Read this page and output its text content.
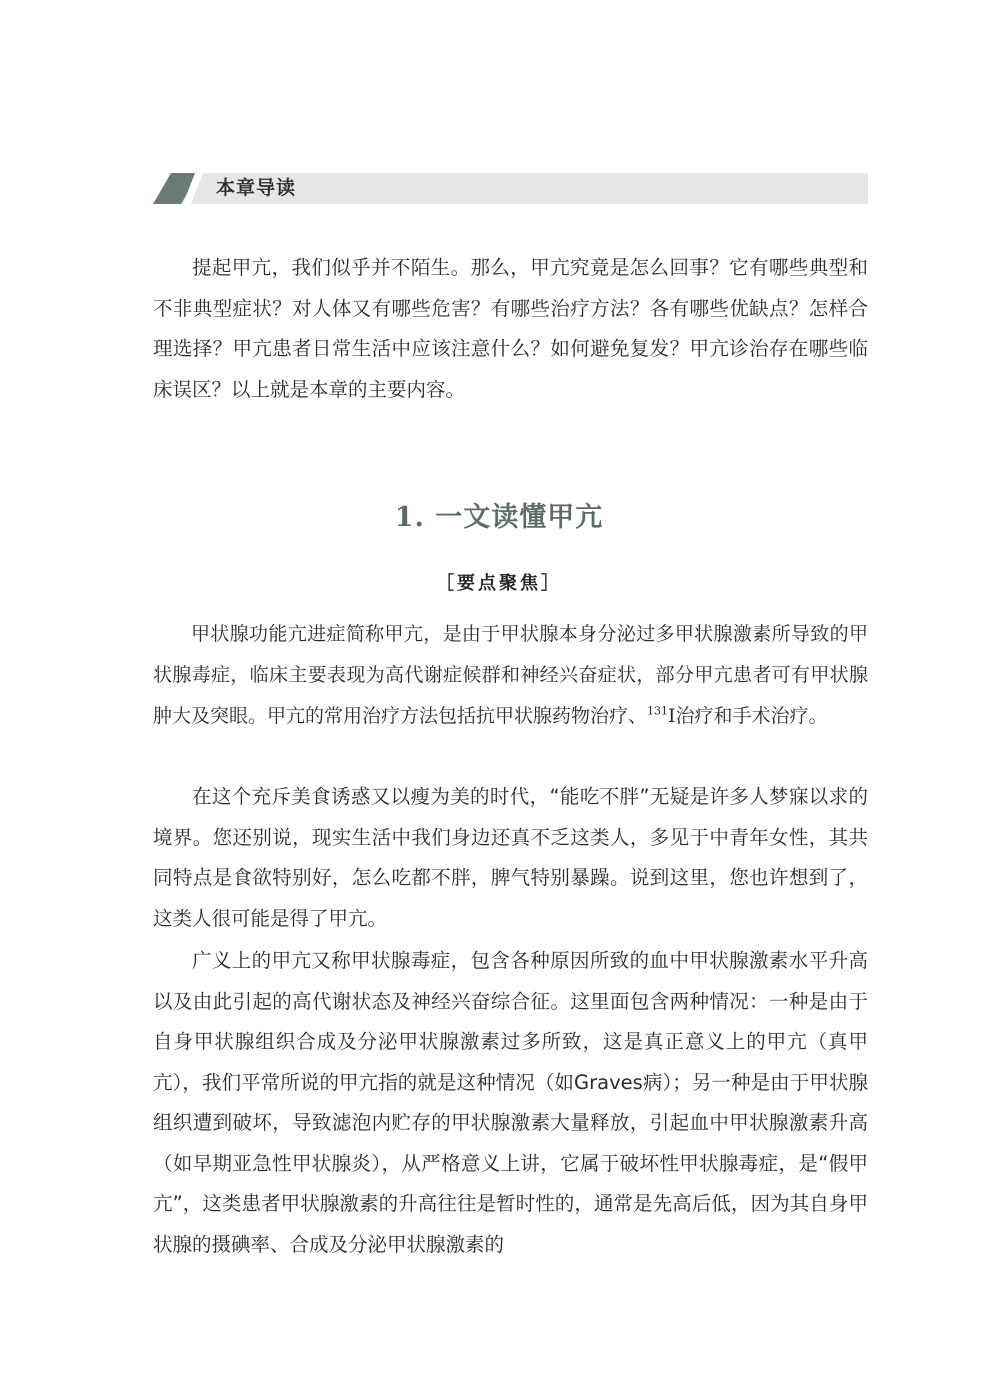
本章导读

提起甲亢，我们似乎并不陌生。那么，甲亢究竟是怎么回事？它有哪些典型和不非典型症状？对人体又有哪些危害？有哪些治疗方法？各有哪些优缺点？怎样合理选择？甲亢患者日常生活中应该注意什么？如何避免复发？甲亢诊治存在哪些临床误区？以上就是本章的主要内容。

1. 一文读懂甲亢
［要点聚焦］

甲状腺功能亢进症简称甲亢，是由于甲状腺本身分泌过多甲状腺激素所导致的甲状腺毒症，临床主要表现为高代谢症候群和神经兴奋症状，部分甲亢患者可有甲状腺肿大及突眼。甲亢的常用治疗方法包括抗甲状腺药物治疗、$^{131}$I治疗和手术治疗。

在这个充斥美食诱惑又以瘦为美的时代，“能吃不胖”无疑是许多人梦寐以求的境界。您还别说，现实生活中我们身边还真不乏这类人，多见于中青年女性，其共同特点是食欲特别好，怎么吃都不胖，脾气特别暴躁。说到这里，您也许想到了，这类人很可能是得了甲亢。

广义上的甲亢又称甲状腺毒症，包含各种原因所致的血中甲状腺激素水平升高以及由此引起的高代谢状态及神经兴奋综合征。这里面包含两种情况：一种是由于自身甲状腺组织合成及分泌甲状腺激素过多所致，这是真正意义上的甲亢（真甲亢），我们平常所说的甲亢指的就是这种情况（如Graves病）；另一种是由于甲状腺组织遭到破坏，导致滤泡内贮存的甲状腺激素大量释放，引起血中甲状腺激素升高（如早期亚急性甲状腺炎），从严格意义上讲，它属于破坏性甲状腺毒症，是“假甲亢”，这类患者甲状腺激素的升高往往是暂时性的，通常是先高后低，因为其自身甲状腺的摄碘率、合成及分泌甲状腺激素的
